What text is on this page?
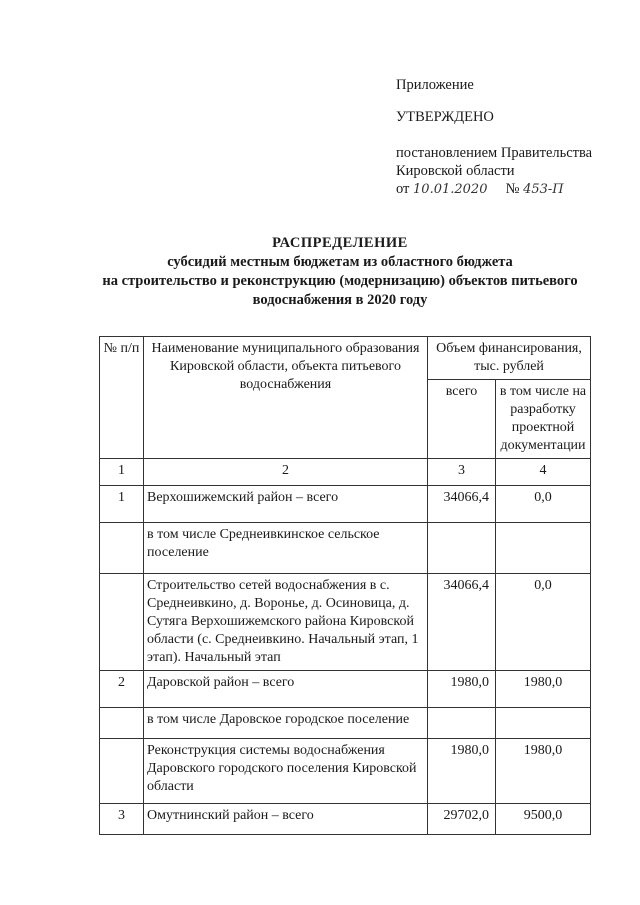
Приложение
УТВЕРЖДЕНО
постановлением Правительства
Кировской области
от 10.01.2020 № 453-П
РАСПРЕДЕЛЕНИЕ
субсидий местным бюджетам из областного бюджета
на строительство и реконструкцию (модернизацию) объектов питьевого
водоснабжения в 2020 году
№ п/п	Наименование муниципального образования Кировской области, объекта питьевого водоснабжения	Объем финансирования, тыс. рублей	
		всего	в том числе на разработку проектной документации
1	2	3	4
1	Верхошижемский район – всего	34066,4	0,0
	в том числе Среднеивкинское сельское поселение		
	Строительство сетей водоснабжения в с. Среднеивкино, д. Воронье, д. Осиновица, д. Сутяга Верхошижемского района Кировской области (с. Среднеивкино. Начальный этап, 1 этап). Начальный этап	34066,4	0,0
2	Даровской район – всего	1980,0	1980,0
	в том числе Даровское городское поселение		
	Реконструкция системы водоснабжения Даровского городского поселения Кировской области	1980,0	1980,0
3	Омутнинский район – всего	29702,0	9500,0
